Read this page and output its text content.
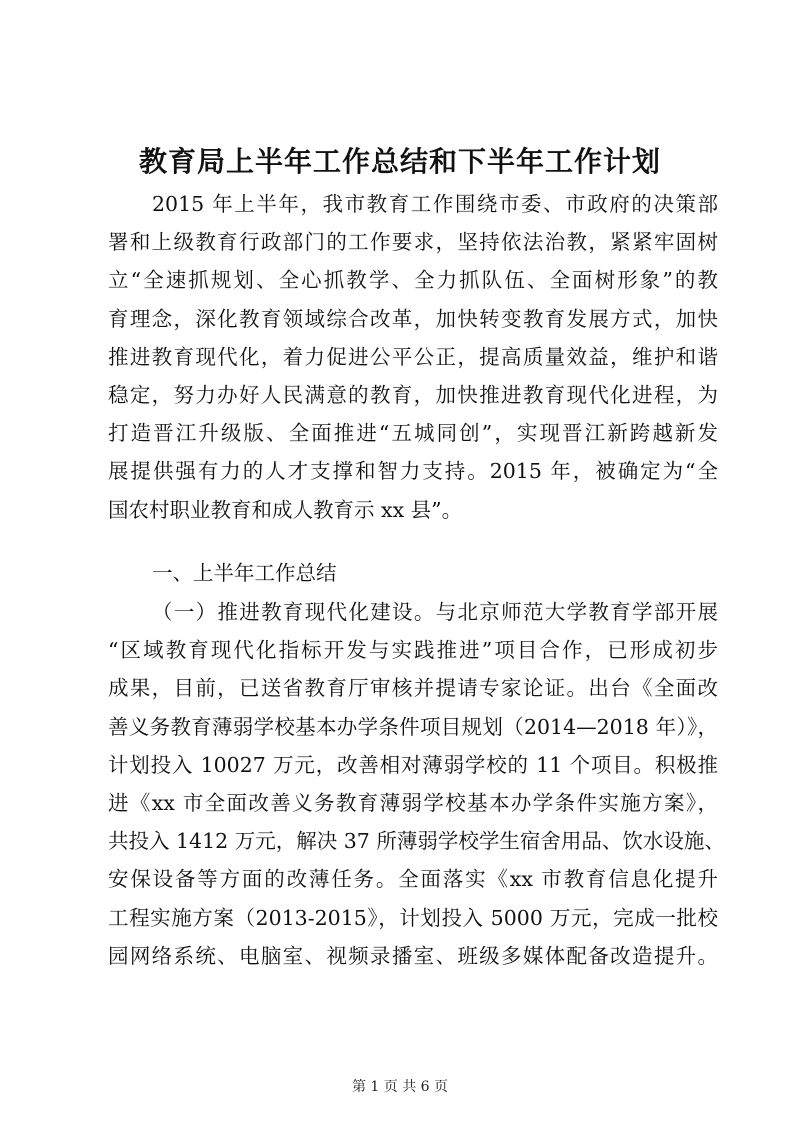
教育局上半年工作总结和下半年工作计划
2015 年上半年，我市教育工作围绕市委、市政府的决策部
署和上级教育行政部门的工作要求，坚持依法治教，紧紧牢固树
立“全速抓规划、全心抓教学、全力抓队伍、全面树形象”的教
育理念，深化教育领域综合改革，加快转变教育发展方式，加快
推进教育现代化，着力促进公平公正，提高质量效益，维护和谐
稳定，努力办好人民满意的教育，加快推进教育现代化进程，为
打造晋江升级版、全面推进“五城同创”，实现晋江新跨越新发
展提供强有力的人才支撑和智力支持。2015 年，被确定为“全
国农村职业教育和成人教育示 xx 县”。
一、上半年工作总结
（一）推进教育现代化建设。与北京师范大学教育学部开展
“区域教育现代化指标开发与实践推进”项目合作，已形成初步
成果，目前，已送省教育厅审核并提请专家论证。出台《全面改
善义务教育薄弱学校基本办学条件项目规划（2014—2018 年）》，
计划投入 10027 万元，改善相对薄弱学校的 11 个项目。积极推
进《xx 市全面改善义务教育薄弱学校基本办学条件实施方案》，
共投入 1412 万元，解决 37 所薄弱学校学生宿舍用品、饮水设施、
安保设备等方面的改薄任务。全面落实《xx 市教育信息化提升
工程实施方案（2013-2015》，计划投入 5000 万元，完成一批校
园网络系统、电脑室、视频录播室、班级多媒体配备改造提升。
第 1 页 共 6 页
